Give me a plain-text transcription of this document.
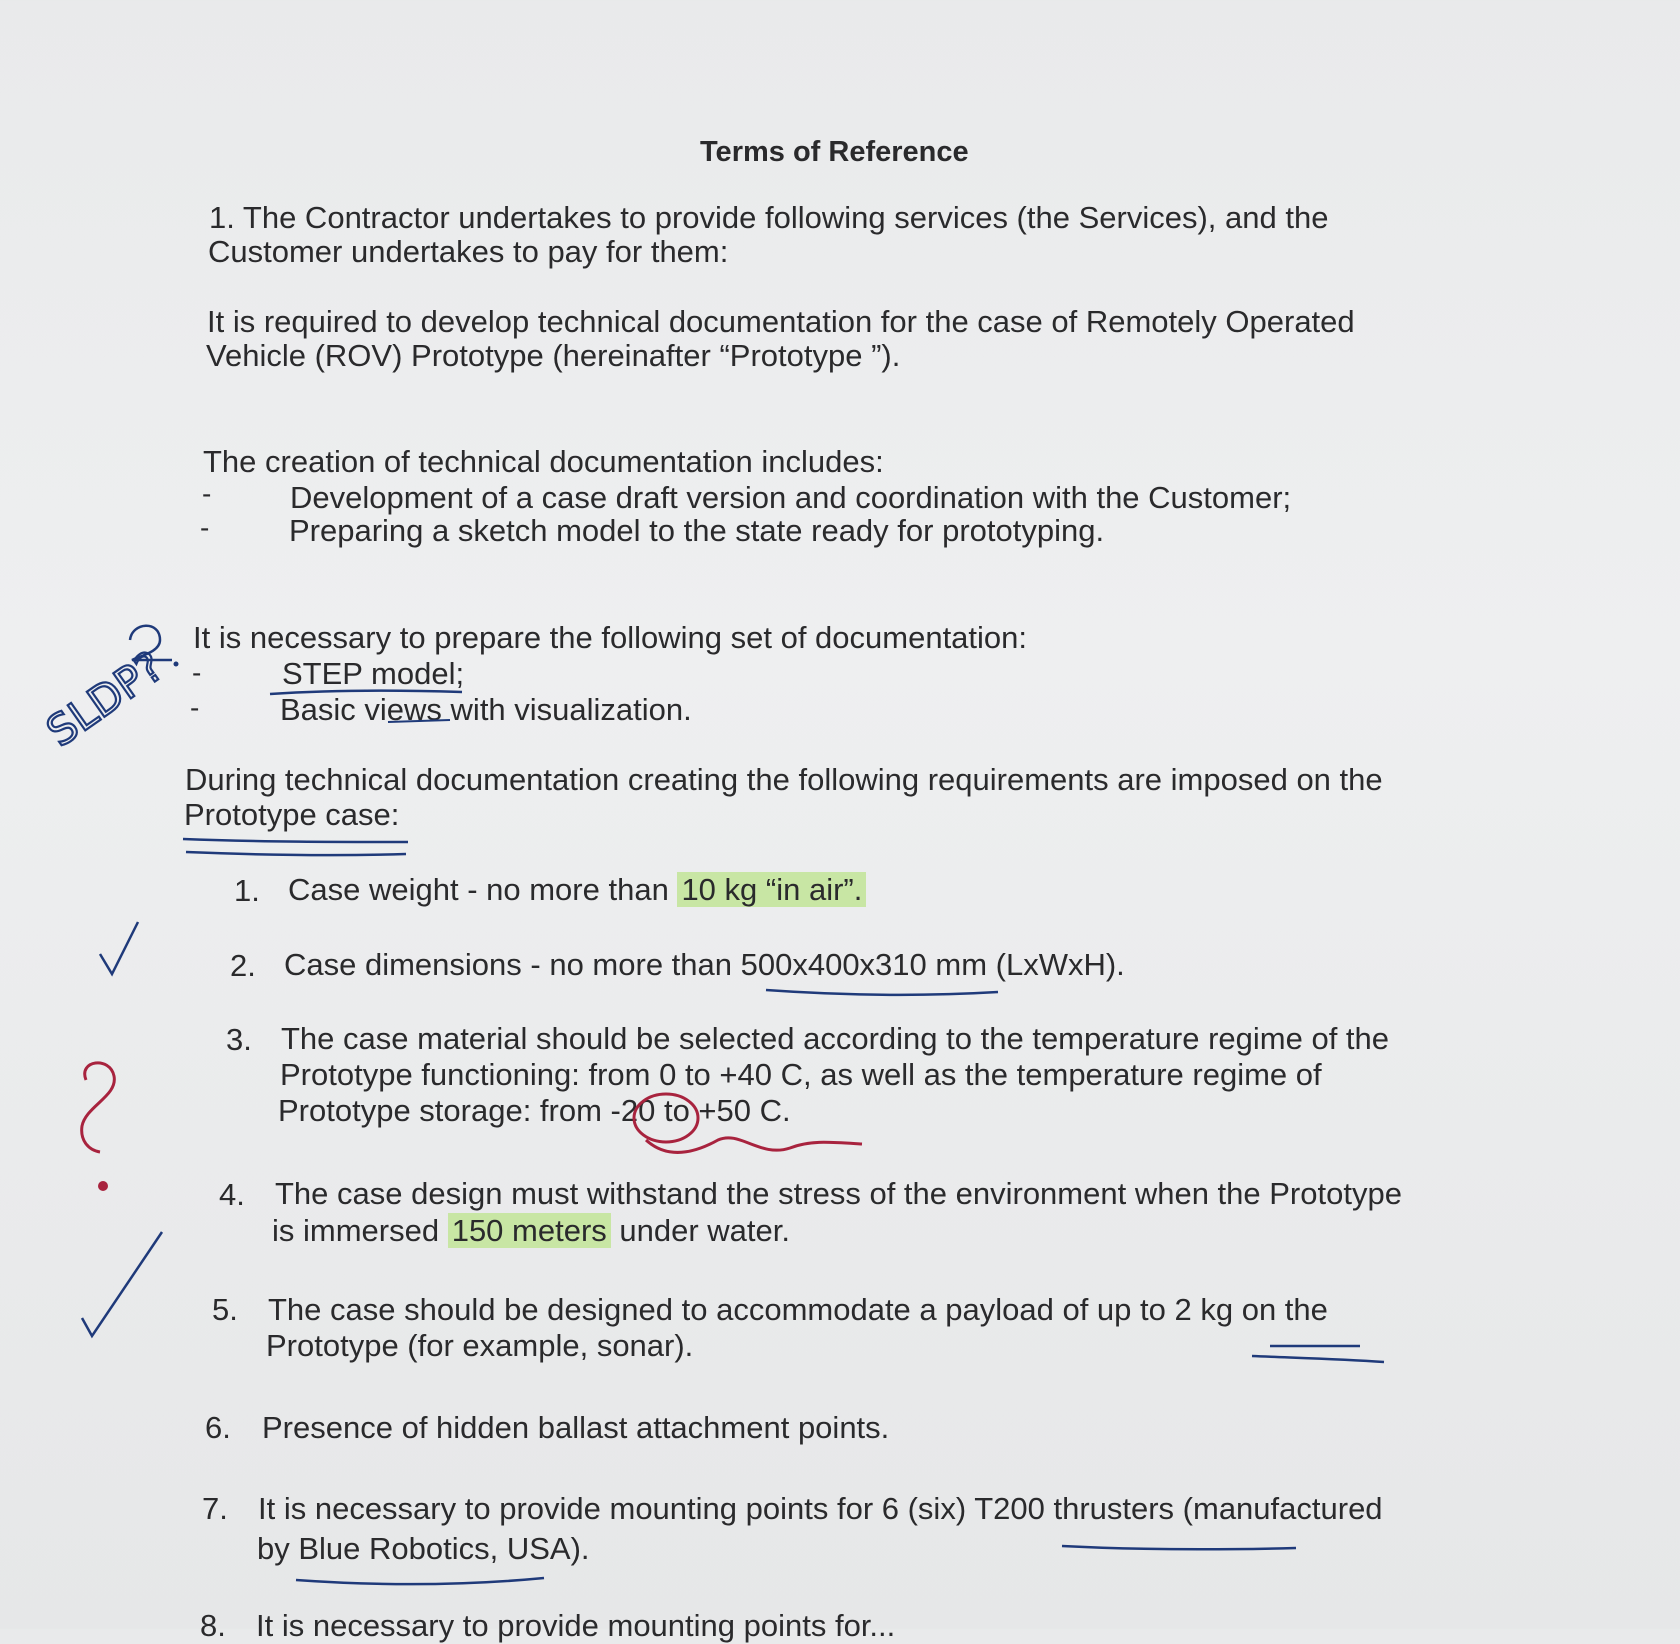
Terms of Reference
1. The Contractor undertakes to provide following services (the Services), and the
Customer undertakes to pay for them:
It is required to develop technical documentation for the case of Remotely Operated
Vehicle (ROV) Prototype (hereinafter “Prototype ”).
The creation of technical documentation includes:
-	Development of a case draft version and coordination with the Customer;
-	Preparing a sketch model to the state ready for prototyping.
It is necessary to prepare the following set of documentation:
-	STEP model;
-	Basic views with visualization.
During technical documentation creating the following requirements are imposed on the
Prototype case:
1. Case weight - no more than 10 kg “in air”.
2. Case dimensions - no more than 500x400x310 mm (LxWxH).
3. The case material should be selected according to the temperature regime of the
Prototype functioning: from 0 to +40 C, as well as the temperature regime of
Prototype storage: from -20 to +50 C.
4. The case design must withstand the stress of the environment when the Prototype
is immersed 150 meters under water.
5. The case should be designed to accommodate a payload of up to 2 kg on the
Prototype (for example, sonar).
6. Presence of hidden ballast attachment points.
7. It is necessary to provide mounting points for 6 (six) T200 thrusters (manufactured
by Blue Robotics, USA).
8. It is necessary to provide mounting points for...
SLDP?
